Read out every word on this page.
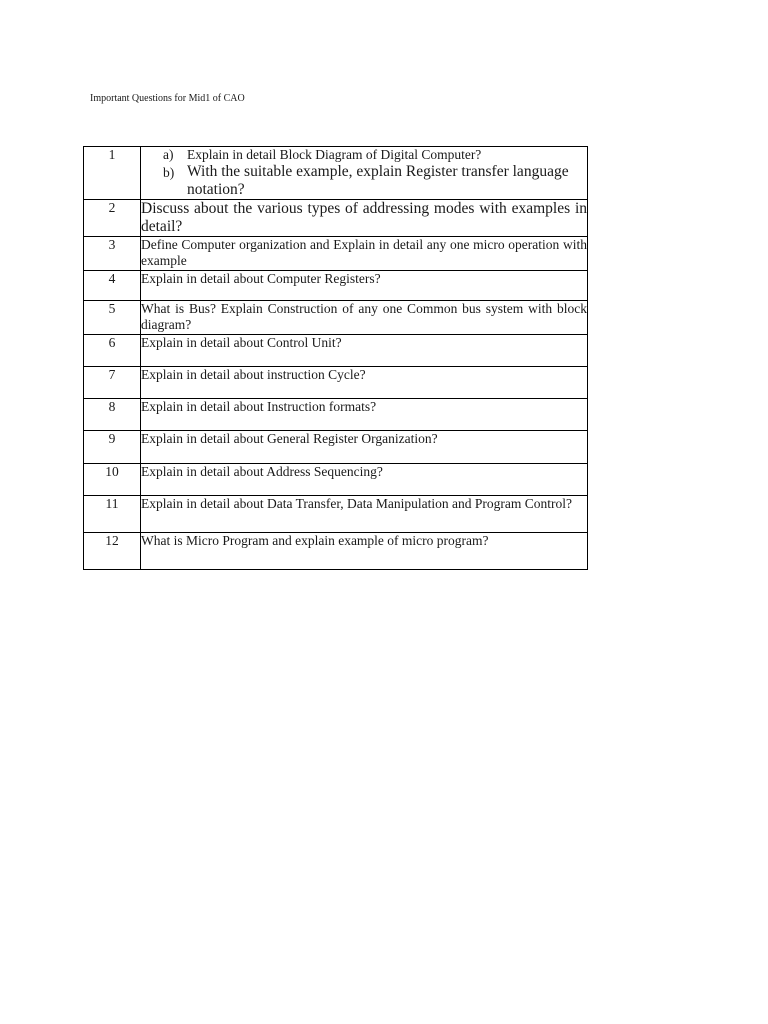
Important Questions for Mid1 of CAO
1	a) Explain in detail Block Diagram of Digital Computer?
b) With the suitable example, explain Register transfer language notation?

2	Discuss about the various types of addressing modes with examples in detail?
3	Define Computer organization and Explain in detail any one micro operation with example
4	Explain in detail about Computer Registers?
5	What is Bus? Explain Construction of any one Common bus system with block diagram?
6	Explain in detail about Control Unit?
7	Explain in detail about instruction Cycle?
8	Explain in detail about Instruction formats?
9	Explain in detail about General Register Organization?
10	Explain in detail about Address Sequencing?
11	Explain in detail about Data Transfer, Data Manipulation and Program Control?
12	What is Micro Program and explain example of micro program?
